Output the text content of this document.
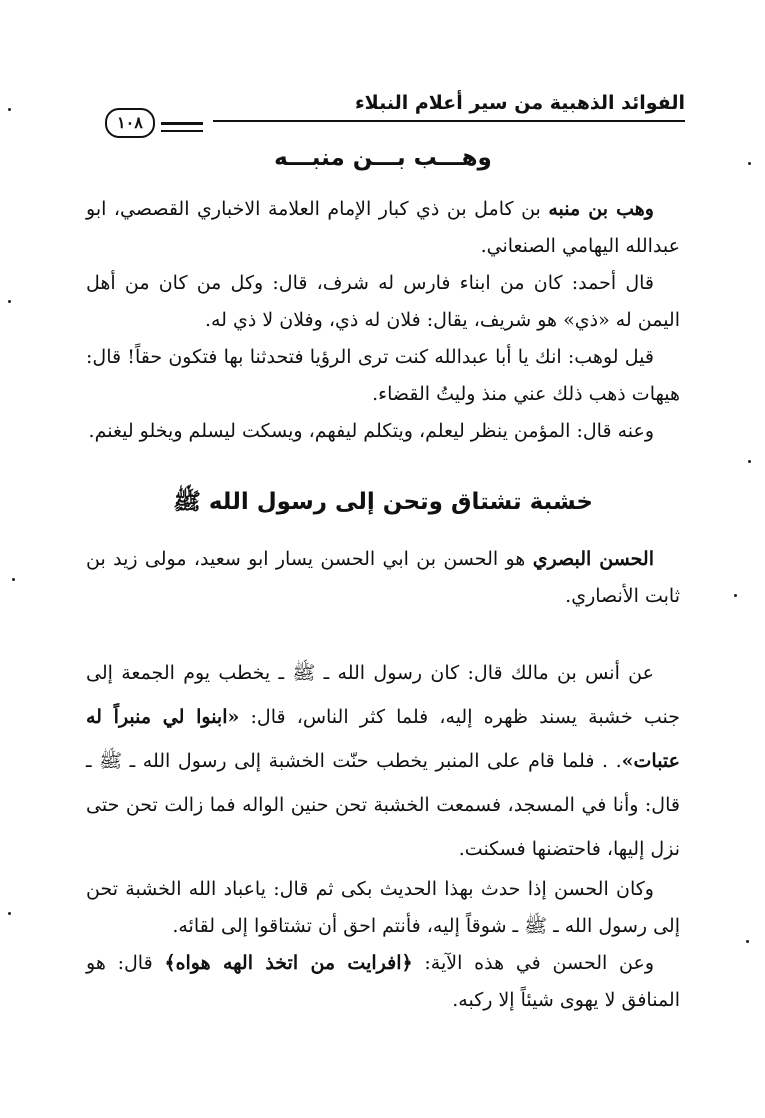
الفوائد الذهبية من سير أعلام النبلاء
١٠٨
وهـــب بـــن منبـــه

وهب بن منبه بن كامل بن ذي كبار الإمام العلامة الاخباري القصصي، ابو عبدالله اليهامي الصنعاني.

قال أحمد: كان من ابناء فارس له شرف، قال: وكل من كان من أهل اليمن له «ذي» هو شريف، يقال: فلان له ذي، وفلان لا ذي له.

قيل لوهب: انك يا أبا عبدالله كنت ترى الرؤيا فتحدثنا بها فتكون حقاً! قال: هيهات ذهب ذلك عني منذ وليتُ القضاء.

وعنه قال: المؤمن ينظر ليعلم، ويتكلم ليفهم، ويسكت ليسلم ويخلو ليغنم.

خشبة تشتاق وتحن إلى رسول الله ﷺ

الحسن البصري هو الحسن بن ابي الحسن يسار ابو سعيد، مولى زيد بن ثابت الأنصاري.

عن أنس بن مالك قال: كان رسول الله ـ ﷺ ـ يخطب يوم الجمعة إلى جنب خشبة يسند ظهره إليه، فلما كثر الناس، قال: «ابنوا لي منبراً له عتبات». . فلما قام على المنبر يخطب حنّت الخشبة إلى رسول الله ـ ﷺ ـ قال: وأنا في المسجد، فسمعت الخشبة تحن حنين الواله فما زالت تحن حتى نزل إليها، فاحتضنها فسكنت.

وكان الحسن إذا حدث بهذا الحديث بكى ثم قال: ياعباد الله الخشبة تحن إلى رسول الله ـ ﷺ ـ شوقاً إليه، فأنتم احق أن تشتاقوا إلى لقائه.

وعن الحسن في هذه الآية: ﴿افرايت من اتخذ الهه هواه﴾ قال: هو المنافق لا يهوى شيئاً إلا ركبه.
